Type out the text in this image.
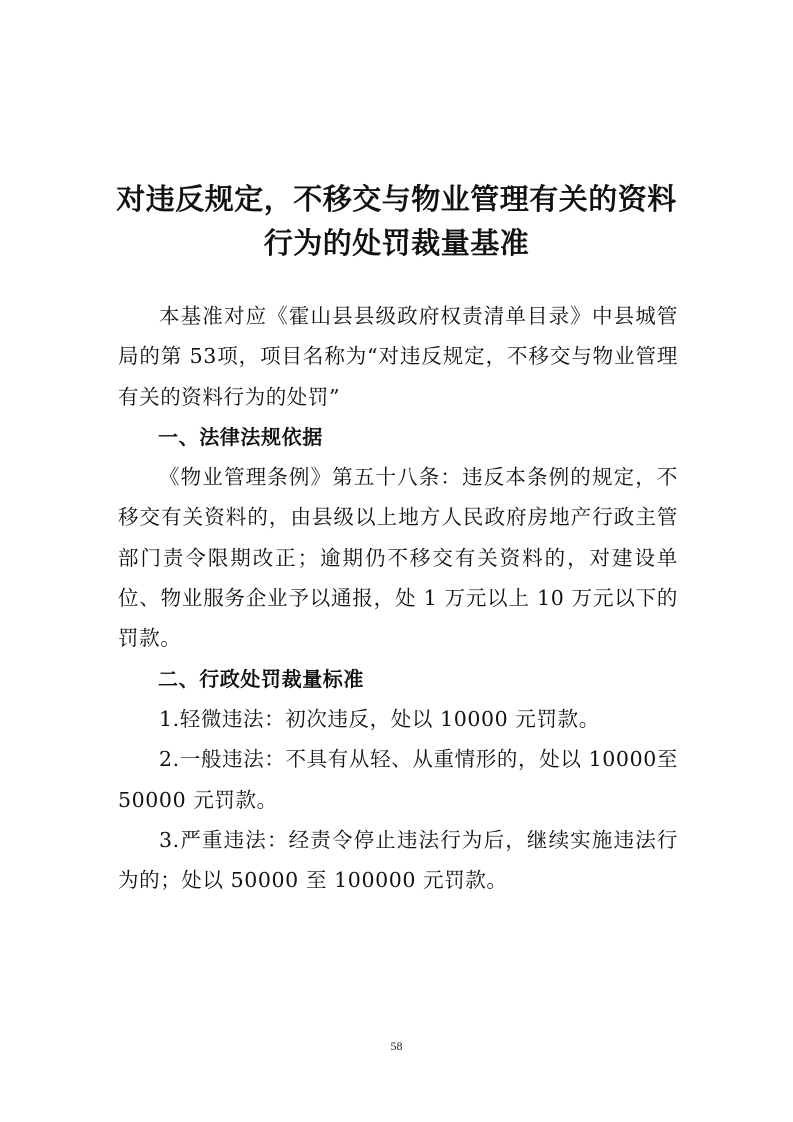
对违反规定，不移交与物业管理有关的资料
行为的处罚裁量基准

本基准对应《霍山县县级政府权责清单目录》中县城管局的第 53项，项目名称为“对违反规定，不移交与物业管理有关的资料行为的处罚”

一、法律法规依据

《物业管理条例》第五十八条：违反本条例的规定，不移交有关资料的，由县级以上地方人民政府房地产行政主管部门责令限期改正；逾期仍不移交有关资料的，对建设单位、物业服务企业予以通报，处 1 万元以上 10 万元以下的罚款。

二、行政处罚裁量标准

1.轻微违法：初次违反，处以 10000 元罚款。

2.一般违法：不具有从轻、从重情形的，处以 10000至 50000 元罚款。

3.严重违法：经责令停止违法行为后，继续实施违法行为的；处以 50000 至 100000 元罚款。

58
